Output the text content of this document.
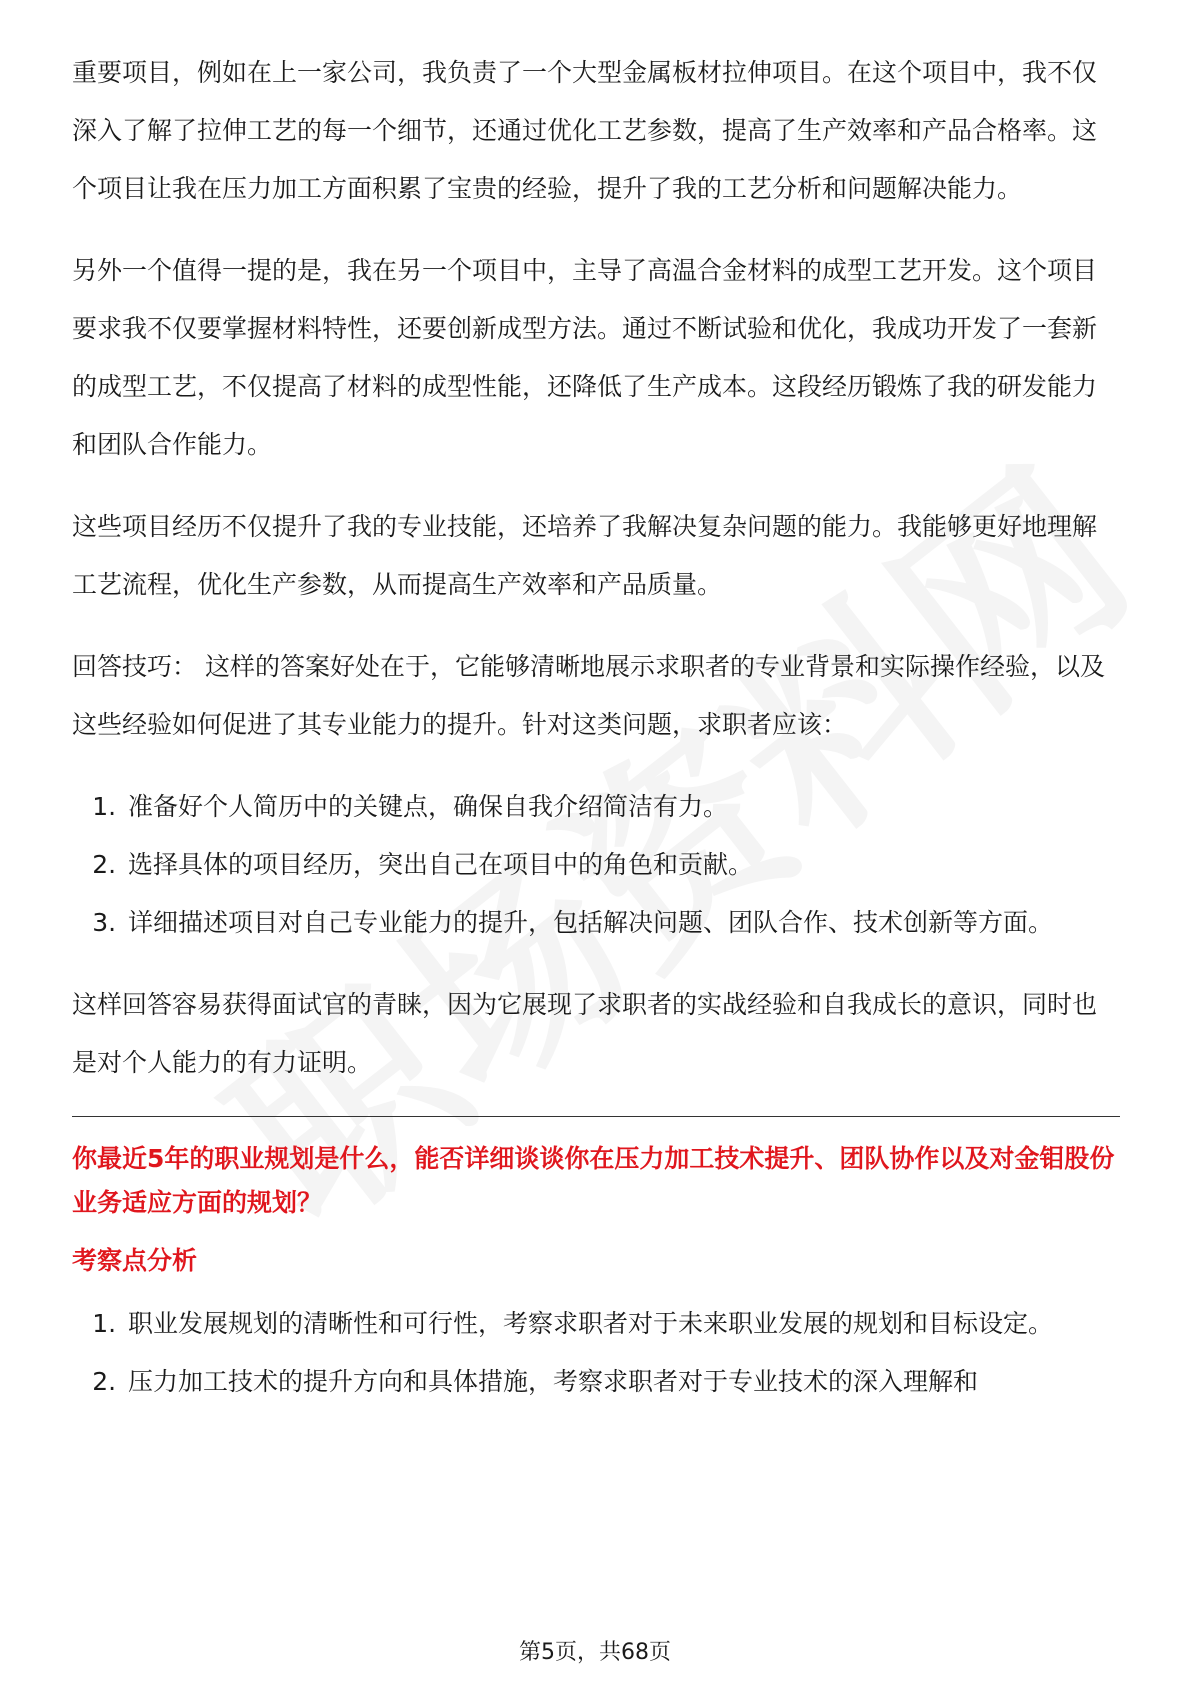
重要项目，例如在上一家公司，我负责了一个大型金属板材拉伸项目。在这个项目中，我不仅深入了解了拉伸工艺的每一个细节，还通过优化工艺参数，提高了生产效率和产品合格率。这个项目让我在压力加工方面积累了宝贵的经验，提升了我的工艺分析和问题解决能力。

另外一个值得一提的是，我在另一个项目中，主导了高温合金材料的成型工艺开发。这个项目要求我不仅要掌握材料特性，还要创新成型方法。通过不断试验和优化，我成功开发了一套新的成型工艺，不仅提高了材料的成型性能，还降低了生产成本。这段经历锻炼了我的研发能力和团队合作能力。

这些项目经历不仅提升了我的专业技能，还培养了我解决复杂问题的能力。我能够更好地理解工艺流程，优化生产参数，从而提高生产效率和产品质量。

回答技巧： 这样的答案好处在于，它能够清晰地展示求职者的专业背景和实际操作经验，以及这些经验如何促进了其专业能力的提升。针对这类问题，求职者应该：

1. 准备好个人简历中的关键点，确保自我介绍简洁有力。
2. 选择具体的项目经历，突出自己在项目中的角色和贡献。
3. 详细描述项目对自己专业能力的提升，包括解决问题、团队合作、技术创新等方面。

这样回答容易获得面试官的青睐，因为它展现了求职者的实战经验和自我成长的意识，同时也是对个人能力的有力证明。

你最近5年的职业规划是什么，能否详细谈谈你在压力加工技术提升、团队协作以及对金钼股份业务适应方面的规划？
考察点分析
1. 职业发展规划的清晰性和可行性，考察求职者对于未来职业发展的规划和目标设定。
2. 压力加工技术的提升方向和具体措施，考察求职者对于专业技术的深入理解和
第5页，共68页
